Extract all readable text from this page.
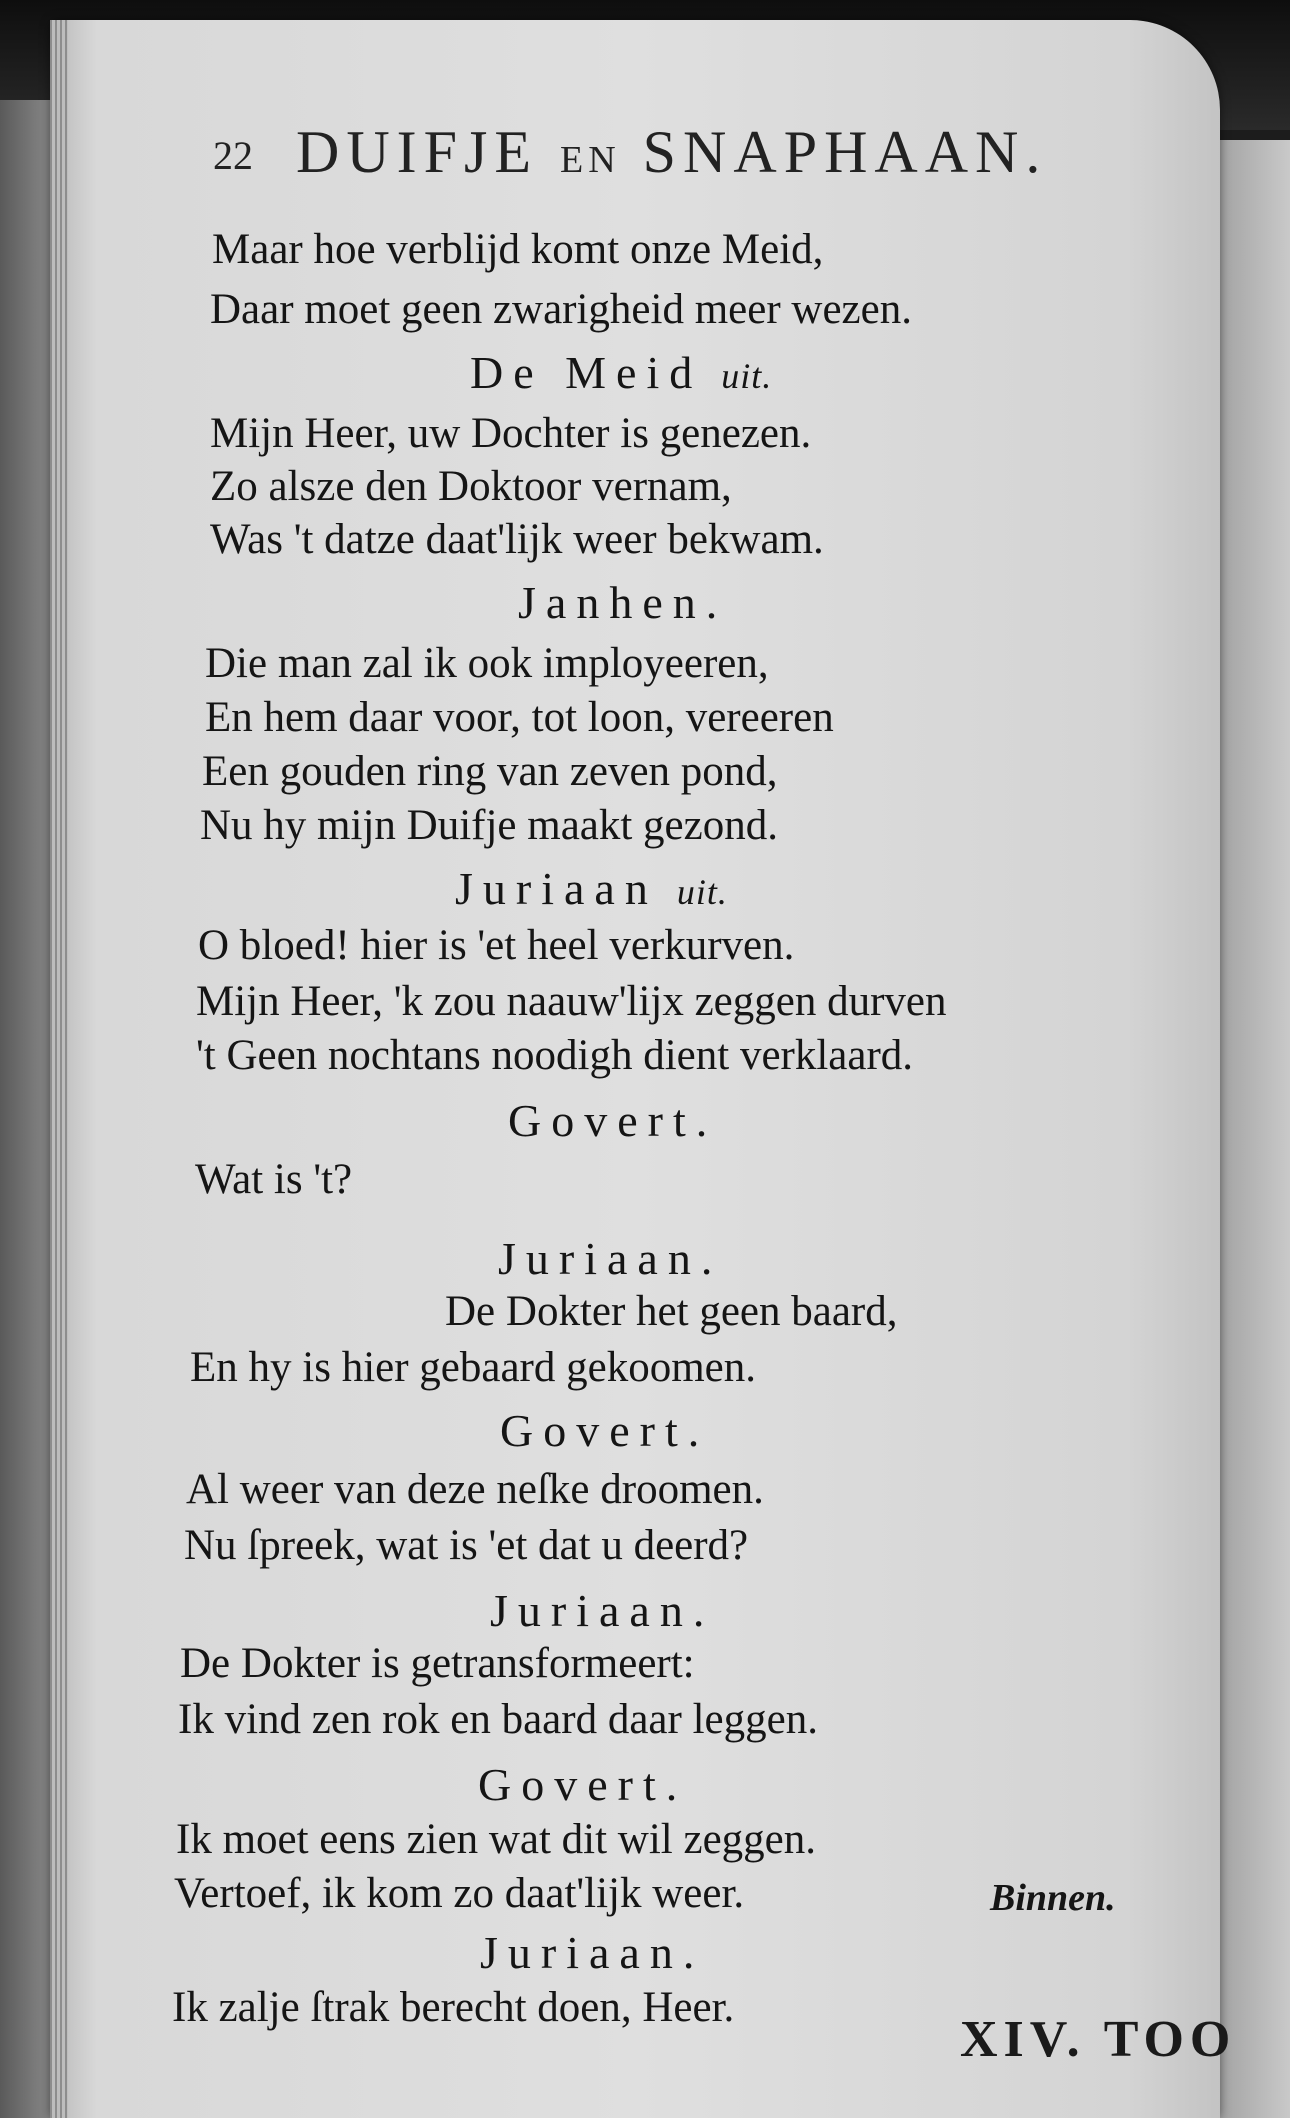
22 DUIFJE EN SNAPHAAN.
Maar hoe verblijd komt onze Meid,
Daar moet geen zwarigheid meer wezen.
De Meid uit.
Mijn Heer, uw Dochter is genezen.
Zo alsze den Doktoor vernam,
Was 't datze daat'lijk weer bekwam.
Janhen.
Die man zal ik ook imployeeren,
En hem daar voor, tot loon, vereeren
Een gouden ring van zeven pond,
Nu hy mijn Duifje maakt gezond.
Juriaan uit.
O bloed! hier is 'et heel verkurven.
Mijn Heer, 'k zou naauw'lijx zeggen durven
't Geen nochtans noodigh dient verklaard.
Govert.
Wat is 't?
Juriaan.
De Dokter het geen baard,
En hy is hier gebaard gekoomen.
Govert.
Al weer van deze neſke droomen.
Nu ſpreek, wat is 'et dat u deerd?
Juriaan.
De Dokter is getransformeert:
Ik vind zen rok en baard daar leggen.
Govert.
Ik moet eens zien wat dit wil zeggen.
Vertoef, ik kom zo daat'lijk weer.	Binnen.
Juriaan.
Ik zalje ſtrak berecht doen, Heer.
XIV. TOO
